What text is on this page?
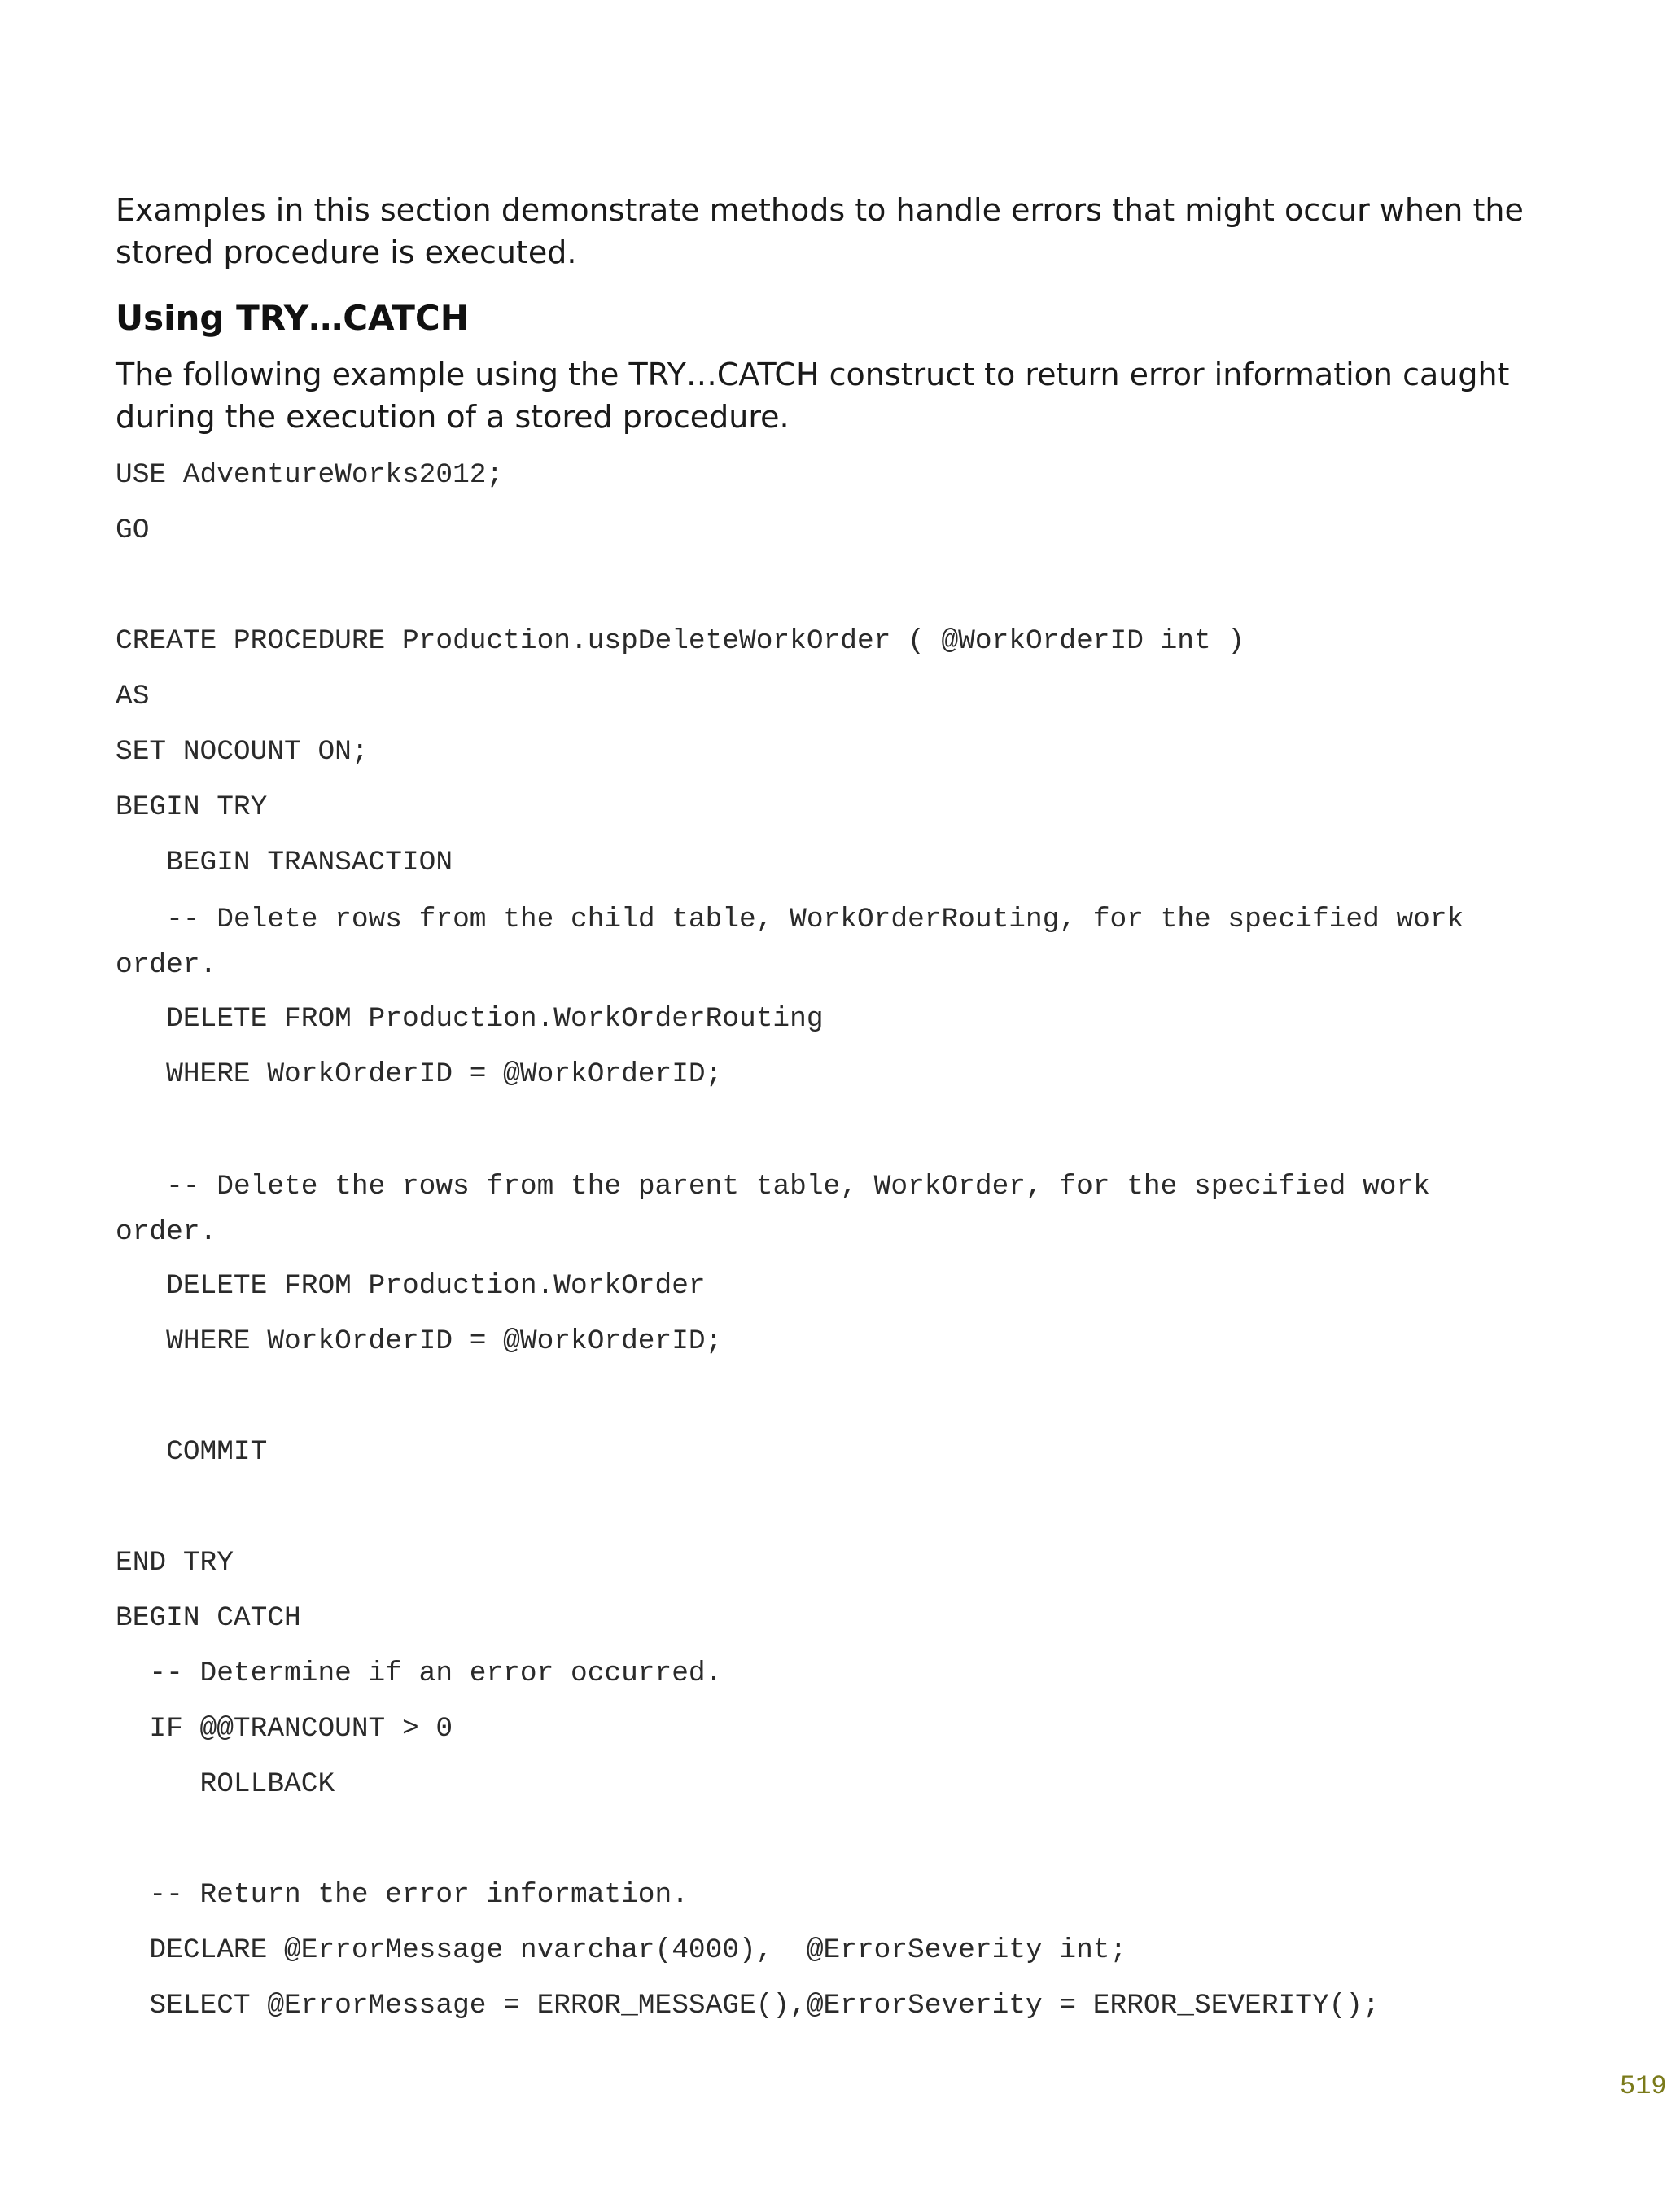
Examples in this section demonstrate methods to handle errors that might occur when the stored procedure is executed.

Using TRY…CATCH

The following example using the TRY…CATCH construct to return error information caught during the execution of a stored procedure.

USE AdventureWorks2012;
GO
CREATE PROCEDURE Production.uspDeleteWorkOrder ( @WorkOrderID int )
AS
SET NOCOUNT ON;
BEGIN TRY
BEGIN TRANSACTION
-- Delete rows from the child table, WorkOrderRouting, for the specified work order.
DELETE FROM Production.WorkOrderRouting
WHERE WorkOrderID = @WorkOrderID;
-- Delete the rows from the parent table, WorkOrder, for the specified work order.
DELETE FROM Production.WorkOrder
WHERE WorkOrderID = @WorkOrderID;
COMMIT
END TRY
BEGIN CATCH
-- Determine if an error occurred.
IF @@TRANCOUNT > 0
ROLLBACK
-- Return the error information.
DECLARE @ErrorMessage nvarchar(4000),  @ErrorSeverity int;
SELECT @ErrorMessage = ERROR_MESSAGE(),@ErrorSeverity = ERROR_SEVERITY();
519
